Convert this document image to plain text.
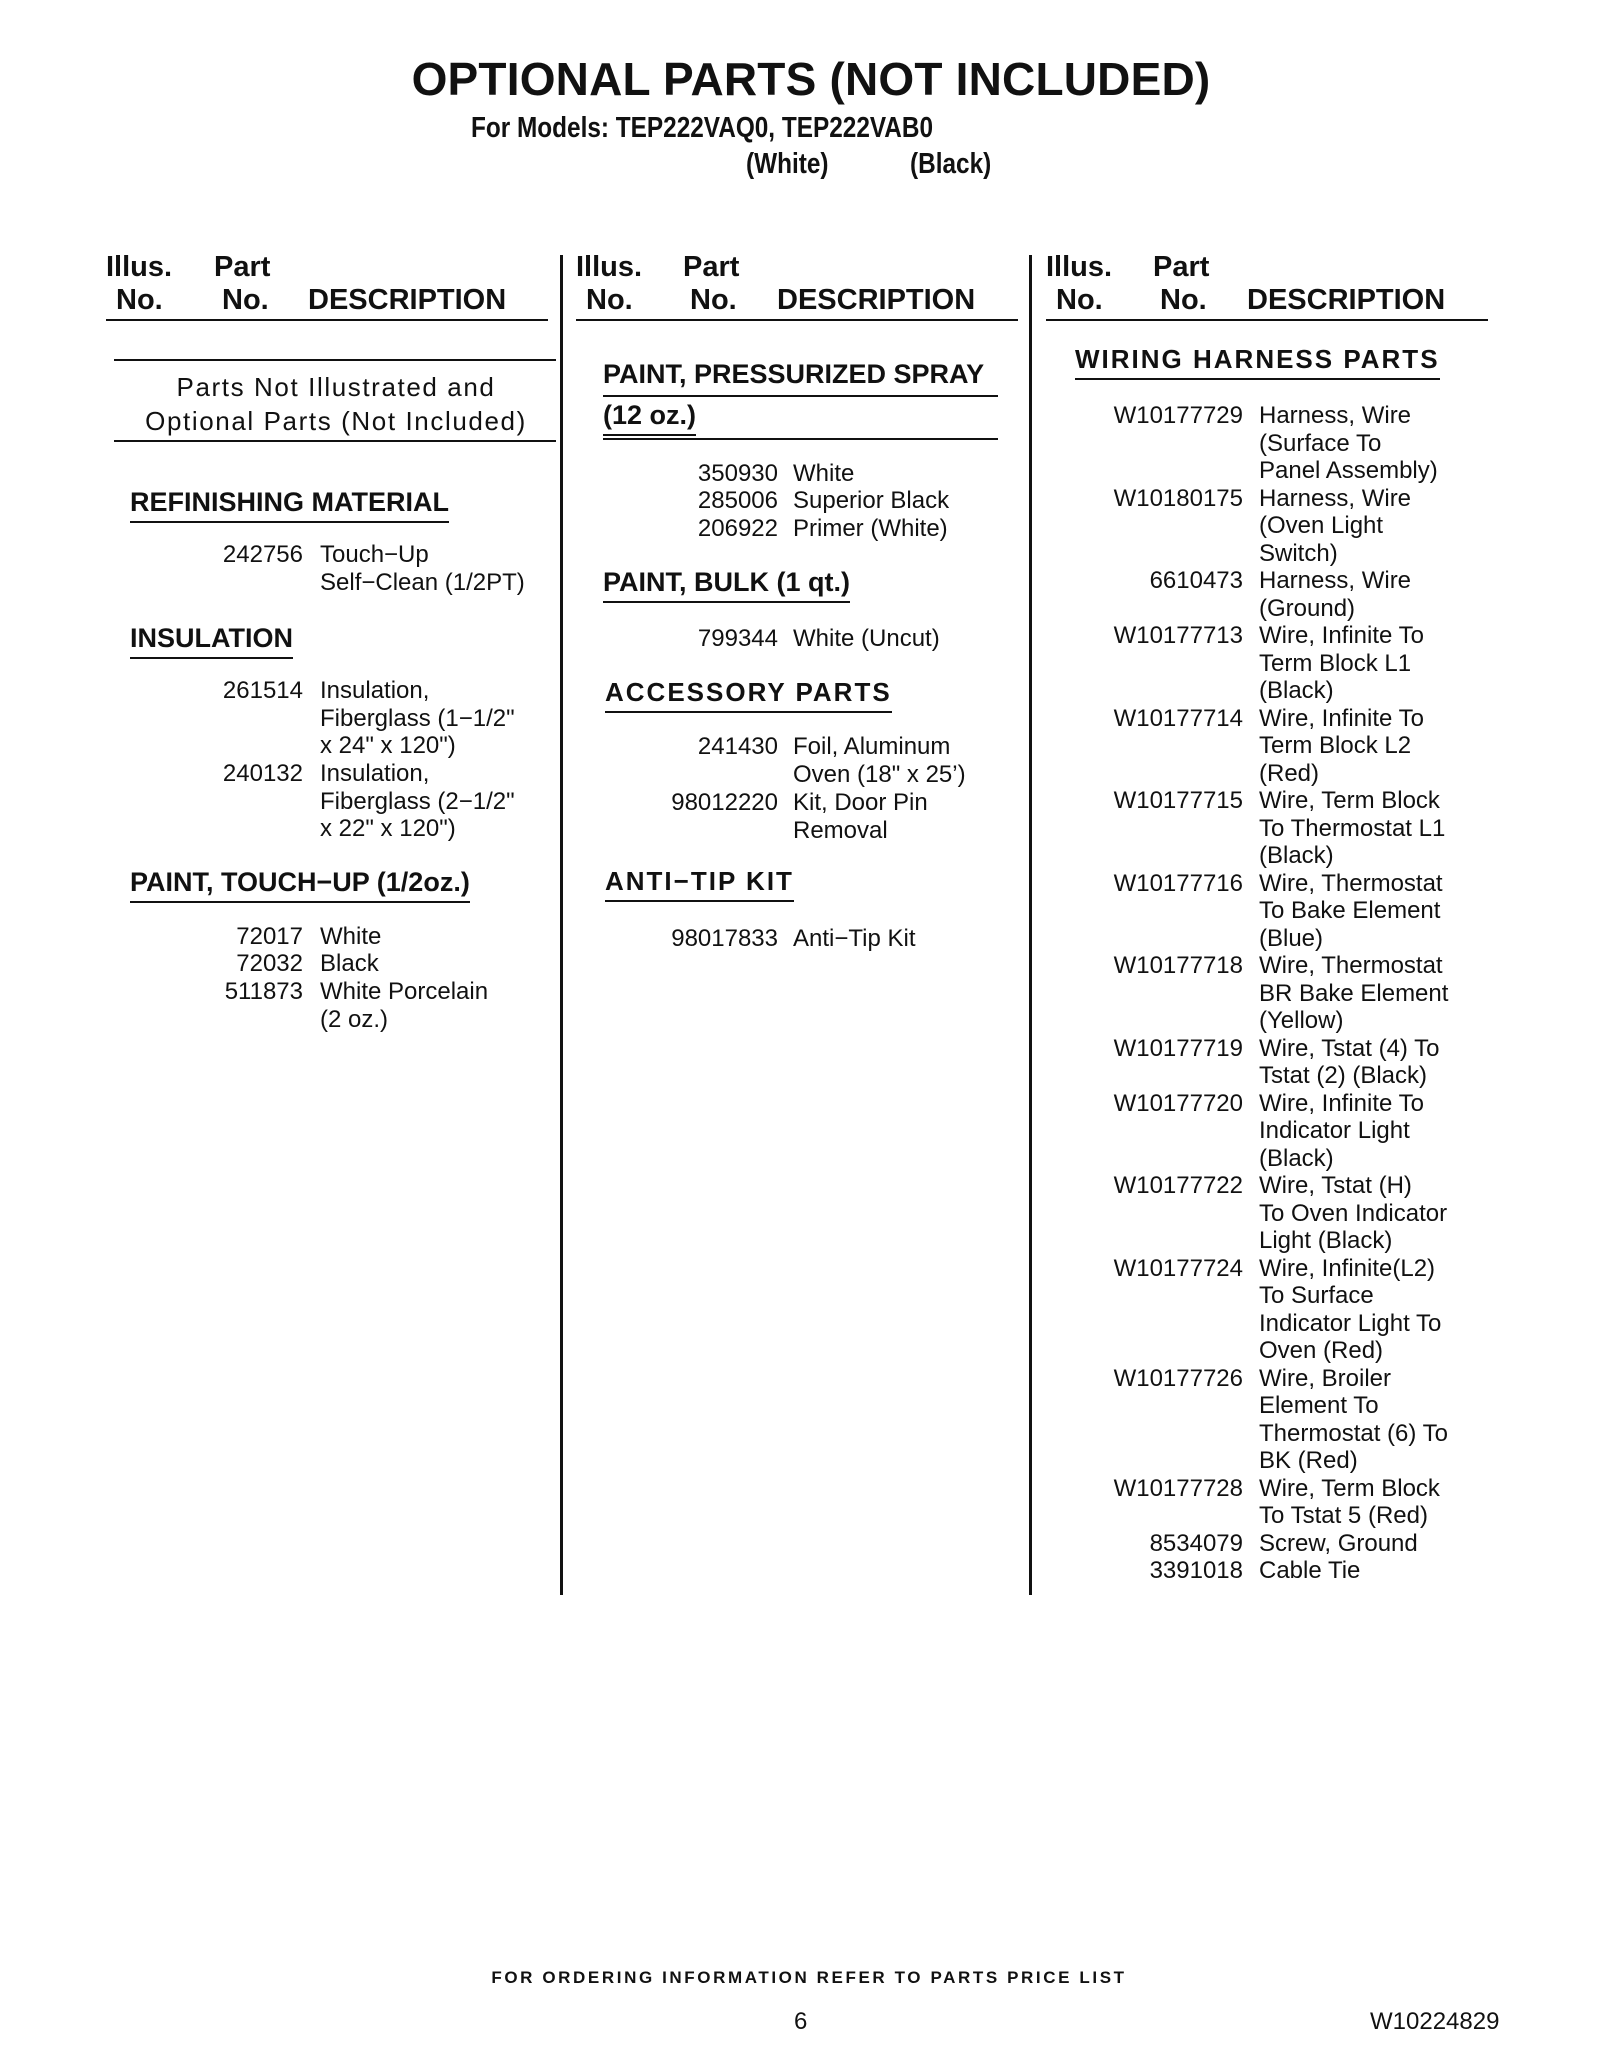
OPTIONAL PARTS (NOT INCLUDED)
For Models: TEP222VAQ0, TEP222VAB0
(White)	(Black)
Illus. Part
No. No. DESCRIPTION
Illus. Part
No. No. DESCRIPTION
Illus. Part
No. No. DESCRIPTION
Parts Not Illustrated and
Optional Parts (Not Included)
REFINISHING MATERIAL
242756 Touch−Up
Self−Clean (1/2PT)
INSULATION
261514 Insulation,
Fiberglass (1−1/2"
x 24" x 120")
240132 Insulation,
Fiberglass (2−1/2"
x 22" x 120")
PAINT, TOUCH−UP (1/2oz.)
72017 White
72032 Black
511873 White Porcelain
(2 oz.)
PAINT, PRESSURIZED SPRAY
(12 oz.)
350930 White
285006 Superior Black
206922 Primer (White)
PAINT, BULK (1 qt.)
799344 White (Uncut)
ACCESSORY PARTS
241430 Foil, Aluminum
Oven (18" x 25’)
98012220 Kit, Door Pin
Removal
ANTI−TIP KIT
98017833 Anti−Tip Kit
WIRING HARNESS PARTS
W10177729 Harness, Wire
(Surface To
Panel Assembly)
W10180175 Harness, Wire
(Oven Light
Switch)
6610473 Harness, Wire
(Ground)
W10177713 Wire, Infinite To
Term Block L1
(Black)
W10177714 Wire, Infinite To
Term Block L2
(Red)
W10177715 Wire, Term Block
To Thermostat L1
(Black)
W10177716 Wire, Thermostat
To Bake Element
(Blue)
W10177718 Wire, Thermostat
BR Bake Element
(Yellow)
W10177719 Wire, Tstat (4) To
Tstat (2) (Black)
W10177720 Wire, Infinite To
Indicator Light
(Black)
W10177722 Wire, Tstat (H)
To Oven Indicator
Light (Black)
W10177724 Wire, Infinite(L2)
To Surface
Indicator Light To
Oven (Red)
W10177726 Wire, Broiler
Element To
Thermostat (6) To
BK (Red)
W10177728 Wire, Term Block
To Tstat 5 (Red)
8534079 Screw, Ground
3391018 Cable Tie
FOR ORDERING INFORMATION REFER TO PARTS PRICE LIST
6	W10224829
